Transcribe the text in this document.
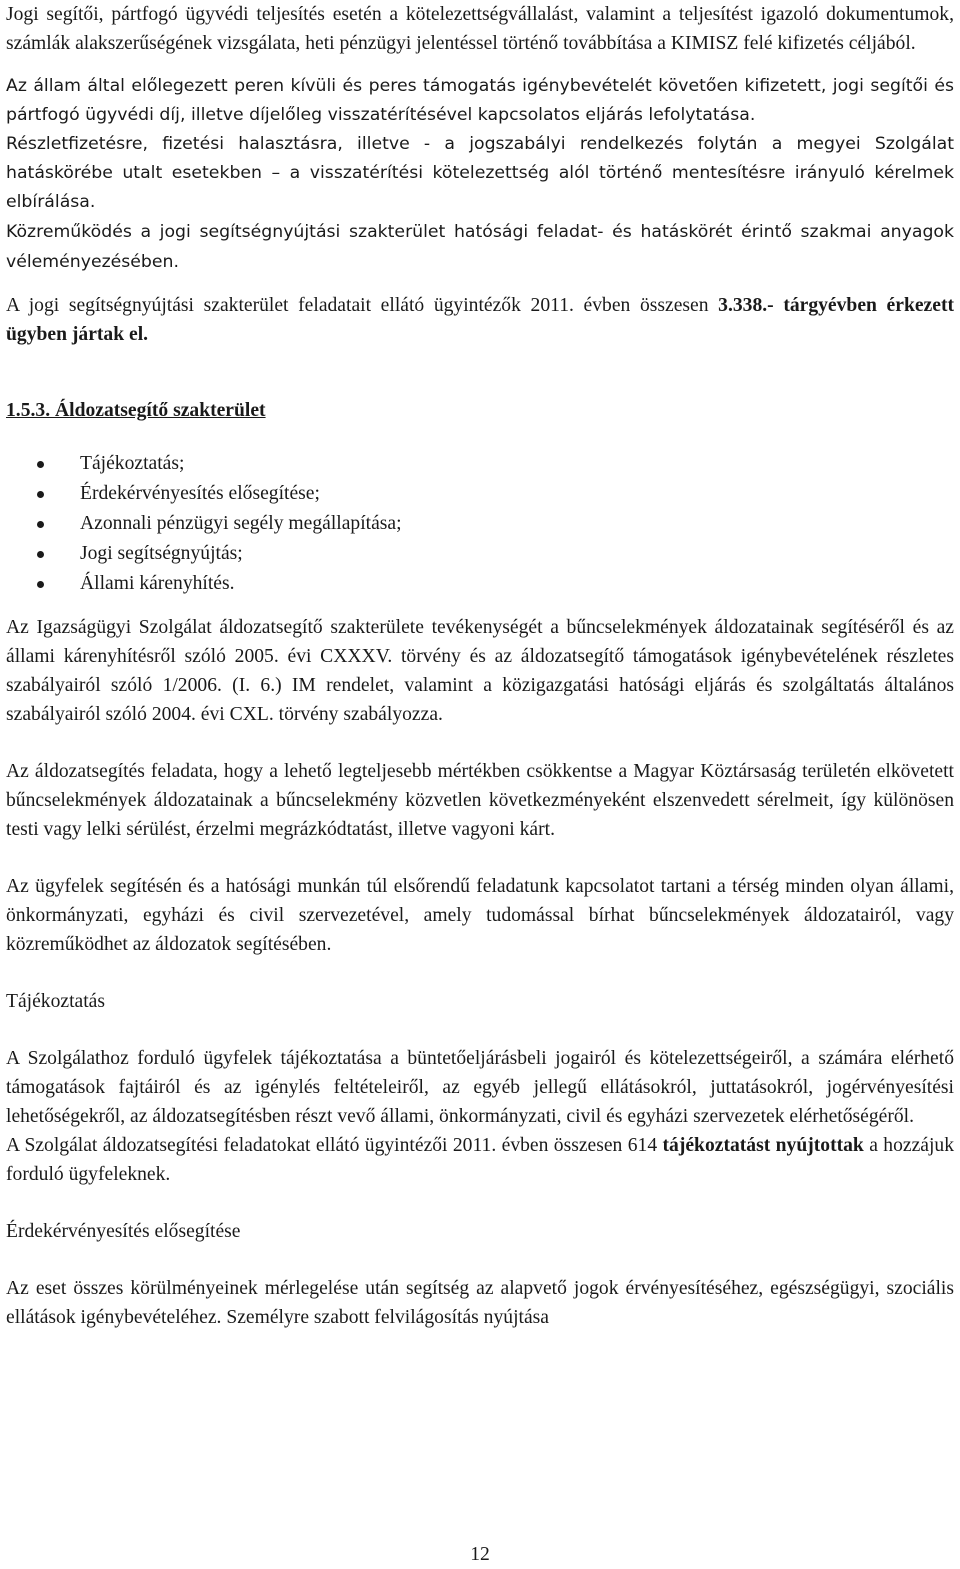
Jogi segítői, pártfogó ügyvédi teljesítés esetén a kötelezettségvállalást, valamint a teljesítést igazoló dokumentumok, számlák alakszerűségének vizsgálata, heti pénzügyi jelentéssel történő továbbítása a KIMISZ felé kifizetés céljából.

Az állam által előlegezett peren kívüli és peres támogatás igénybevételét követően kifizetett, jogi segítői és pártfogó ügyvédi díj, illetve díjelőleg visszatérítésével kapcsolatos eljárás lefolytatása.

Részletfizetésre, fizetési halasztásra, illetve - a jogszabályi rendelkezés folytán a megyei Szolgálat hatáskörébe utalt esetekben – a visszatérítési kötelezettség alól történő mentesítésre irányuló kérelmek elbírálása.

Közreműködés a jogi segítségnyújtási szakterület hatósági feladat- és hatáskörét érintő szakmai anyagok véleményezésében.

A jogi segítségnyújtási szakterület feladatait ellátó ügyintézők 2011. évben összesen 3.338.- tárgyévben érkezett ügyben jártak el.

1.5.3. Áldozatsegítő szakterület

Tájékoztatás;
Érdekérvényesítés elősegítése;
Azonnali pénzügyi segély megállapítása;
Jogi segítségnyújtás;
Állami kárenyhítés.

Az Igazságügyi Szolgálat áldozatsegítő szakterülete tevékenységét a bűncselekmények áldozatainak segítéséről és az állami kárenyhítésről szóló 2005. évi CXXXV. törvény és az áldozatsegítő támogatások igénybevételének részletes szabályairól szóló 1/2006. (I. 6.) IM rendelet, valamint a közigazgatási hatósági eljárás és szolgáltatás általános szabályairól szóló 2004. évi CXL. törvény szabályozza.

Az áldozatsegítés feladata, hogy a lehető legteljesebb mértékben csökkentse a Magyar Köztársaság területén elkövetett bűncselekmények áldozatainak a bűncselekmény közvetlen következményeként elszenvedett sérelmeit, így különösen testi vagy lelki sérülést, érzelmi megrázkódtatást, illetve vagyoni kárt.

Az ügyfelek segítésén és a hatósági munkán túl elsőrendű feladatunk kapcsolatot tartani a térség minden olyan állami, önkormányzati, egyházi és civil szervezetével, amely tudomással bírhat bűncselekmények áldozatairól, vagy közreműködhet az áldozatok segítésében.

Tájékoztatás

A Szolgálathoz forduló ügyfelek tájékoztatása a büntetőeljárásbeli jogairól és kötelezettségeiről, a számára elérhető támogatások fajtáiról és az igénylés feltételeiről, az egyéb jellegű ellátásokról, juttatásokról, jogérvényesítési lehetőségekről, az áldozatsegítésben részt vevő állami, önkormányzati, civil és egyházi szervezetek elérhetőségéről.

A Szolgálat áldozatsegítési feladatokat ellátó ügyintézői 2011. évben összesen 614 tájékoztatást nyújtottak a hozzájuk forduló ügyfeleknek.

Érdekérvényesítés elősegítése

Az eset összes körülményeinek mérlegelése után segítség az alapvető jogok érvényesítéséhez, egészségügyi, szociális ellátások igénybevételéhez. Személyre szabott felvilágosítás nyújtása

12
